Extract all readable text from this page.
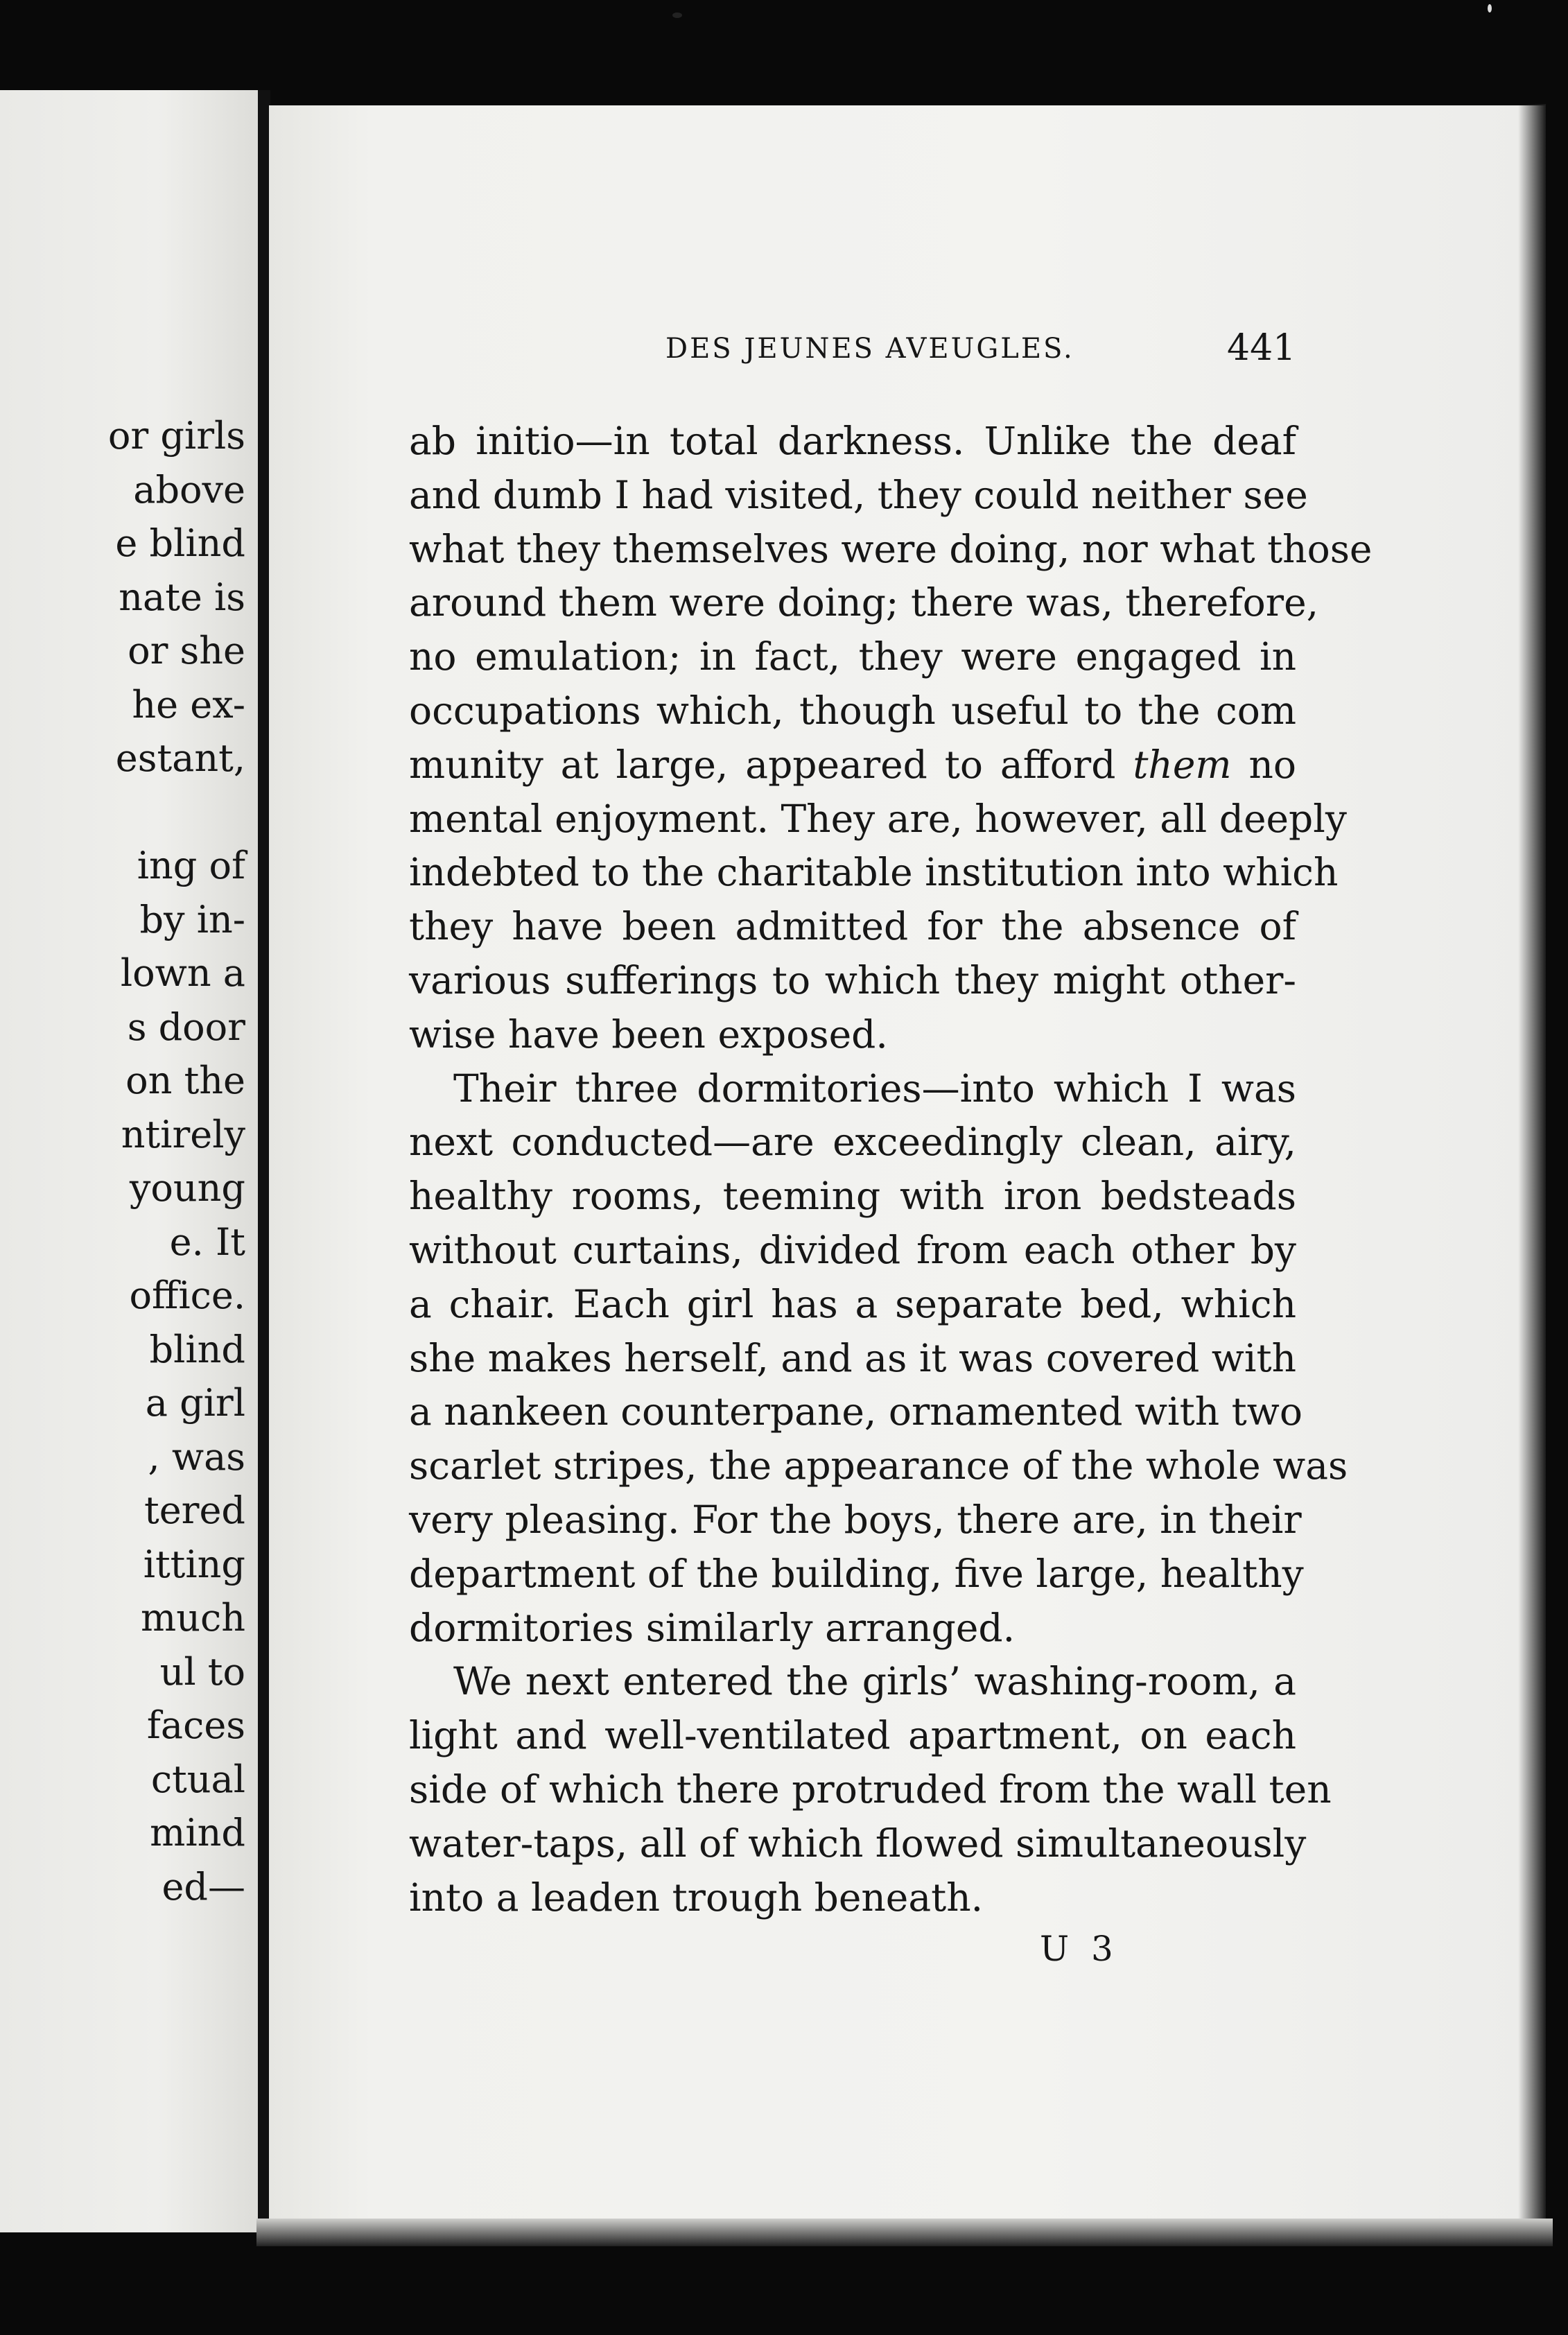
or girls
above
e blind
nate is
or she
he ex-
estant,
ing of
by in-
lown a
s door
on the
ntirely
young
e. It
office.
blind
a girl
, was
tered
itting
much
ul to
faces
ctual
mind
ed—
DES JEUNES AVEUGLES.	441
ab initio—in total darkness. Unlike the deaf
and dumb I had visited, they could neither see
what they themselves were doing, nor what those
around them were doing; there was, therefore,
no emulation; in fact, they were engaged in
occupations which, though useful to the com
munity at large, appeared to afford them no
mental enjoyment. They are, however, all deeply
indebted to the charitable institution into which
they have been admitted for the absence of
various sufferings to which they might other-
wise have been exposed.
Their three dormitories—into which I was
next conducted—are exceedingly clean, airy,
healthy rooms, teeming with iron bedsteads
without curtains, divided from each other by
a chair. Each girl has a separate bed, which
she makes herself, and as it was covered with
a nankeen counterpane, ornamented with two
scarlet stripes, the appearance of the whole was
very pleasing. For the boys, there are, in their
department of the building, five large, healthy
dormitories similarly arranged.
We next entered the girls’ washing-room, a
light and well-ventilated apartment, on each
side of which there protruded from the wall ten
water-taps, all of which flowed simultaneously
into a leaden trough beneath.
U 3
